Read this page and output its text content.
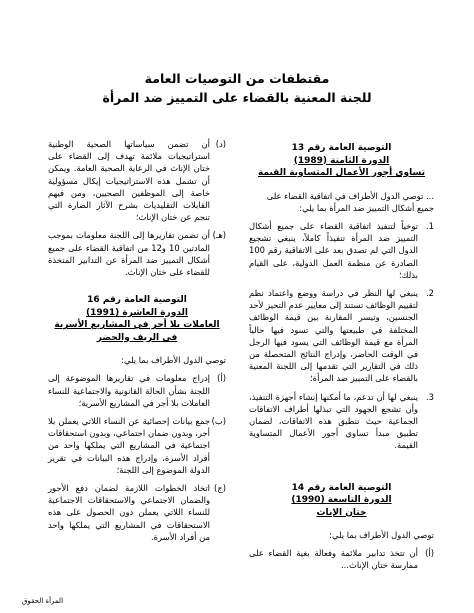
مقتطفات من التوصيات العامة
للجنة المعنية بالقضاء على التمييز ضد المرأة
التوصية العامة رقم 13
الدورة الثامنة (1989)
تساوي أجور الأعمال المتساوية القيمة
... توصي الدول الأطراف في اتفاقية القضاء على جميع أشكال التمييز ضد المرأة بما يلي:
1.
توخياً لتنفيذ اتفاقية القضاء على جميع أشكال التمييز ضد المرأة تنفيذاً كاملاً، ينبغي تشجيع الدول التي لم تصدق بعد على الاتفاقية رقم 100 الصادرة عن منظمة العمل الدولية، على القيام بذلك؛
2.
ينبغي لها النظر في دراسة ووضع واعتماد نظم لتقييم الوظائف تستند إلى معايير عدم التحيز لأحد الجنسين، وتيسر المقارنة بين قيمة الوظائف المختلفة في طبيعتها والتي تسود فيها حالياً المرأة مع قيمة الوظائف التي يسود فيها الرجل في الوقت الحاضر، وإدراج النتائج المتحصلة من ذلك في التقارير التي تقدمها إلى اللجنة المعنية بالقضاء على التمييز ضد المرأة؛
3.
ينبغي لها أن تدعم، ما أمكنها إنشاء أجهزة التنفيذ، وأن تشجع الجهود التي تبذلها أطراف الاتفاقات الجماعية حيث تنطبق هذه الاتفاقات، لضمان تطبيق مبدأ تساوي أجور الأعمال المتساوية القيمة.
التوصية العامة رقم 14
الدورة التاسعة (1990)
ختان الإناث
توصي الدول الأطراف بما يلي:
(أ)
أن تتخذ تدابير ملائمة وفعالة بغية القضاء على ممارسة ختان الإناث...
(د)
أن تضمن سياساتها الصحية الوطنية استراتيجيات ملائمة تهدف إلى القضاء على ختان الإناث في الرعاية الصحية العامة. ويمكن أن تشمل هذه الاستراتيجيات إيكال مسؤولية خاصة إلى الموظفين الصحيين، ومن فيهم القابلات التقليديات بشرح الآثار الضارة التي تنجم عن ختان الإناث؛
(هـ)
أن تضمن تقاريرها إلى اللجنة معلومات بموجب المادتين 10 و12 من اتفاقية القضاء على جميع أشكال التمييز ضد المرأة عن التدابير المتخذة للقضاء على ختان الإناث.
التوصية العامة رقم 16
الدورة العاشرة (1991)
العاملات بلا أجر في المشاريع الأسرية
في الريف والحضر
توصي الدول الأطراف بما يلي:
(أ)
إدراج معلومات في تقاريرها الموضوعة إلى اللجنة بشأن الحالة القانونية والاجتماعية للنساء العاملات بلا أجر في المشاريع الأسرية؛
(ب)
جمع بيانات إحصائية عن النساء اللاتي يعملن بلا أجر، وبدون ضمان اجتماعي، وبدون استحقاقات اجتماعية في المشاريع التي يملكها واحد من أفراد الأسرة، وإدراج هذه البيانات في تقرير الدولة الموضوع إلى اللجنة؛
(ج)
اتخاذ الخطوات اللازمة لضمان دفع الأجور والضمان الاجتماعي والاستحقاقات الاجتماعية للنساء اللاتي يعملن دون الحصول على هذه الاستحقاقات في المشاريع التي يملكها واحد من أفراد الأسرة.
المرأة الحقوق
